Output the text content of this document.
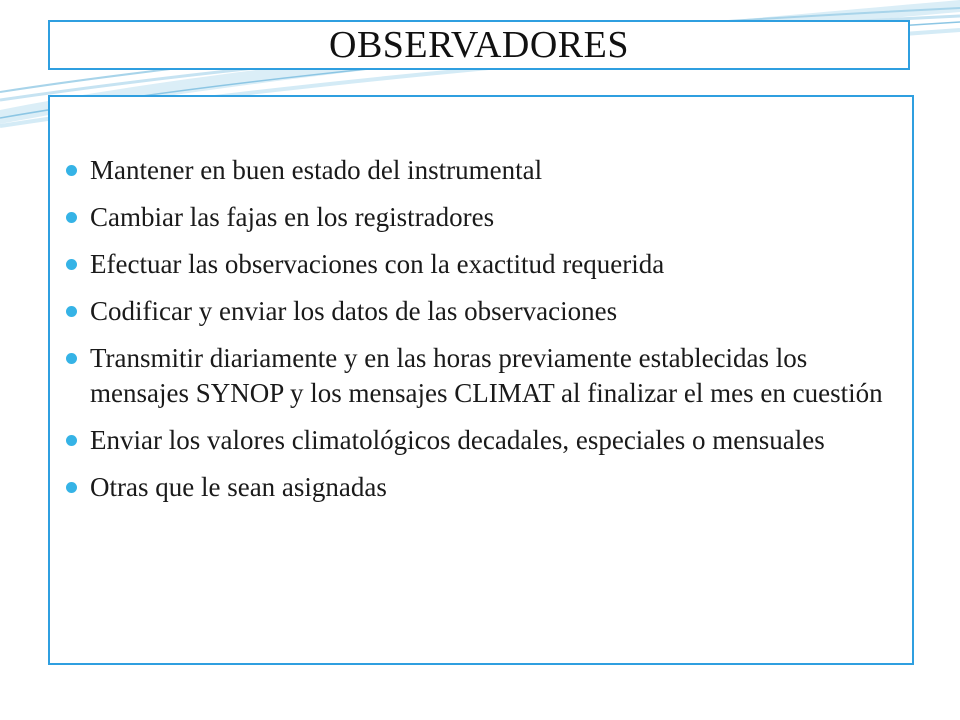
OBSERVADORES
Mantener en buen estado del instrumental
Cambiar las fajas en los registradores
Efectuar las observaciones con la exactitud requerida
Codificar y enviar los datos de las observaciones
Transmitir diariamente y en las horas previamente establecidas los mensajes SYNOP y los mensajes CLIMAT al finalizar el mes en cuestión
Enviar los valores climatológicos decadales, especiales o mensuales
Otras que le sean asignadas
